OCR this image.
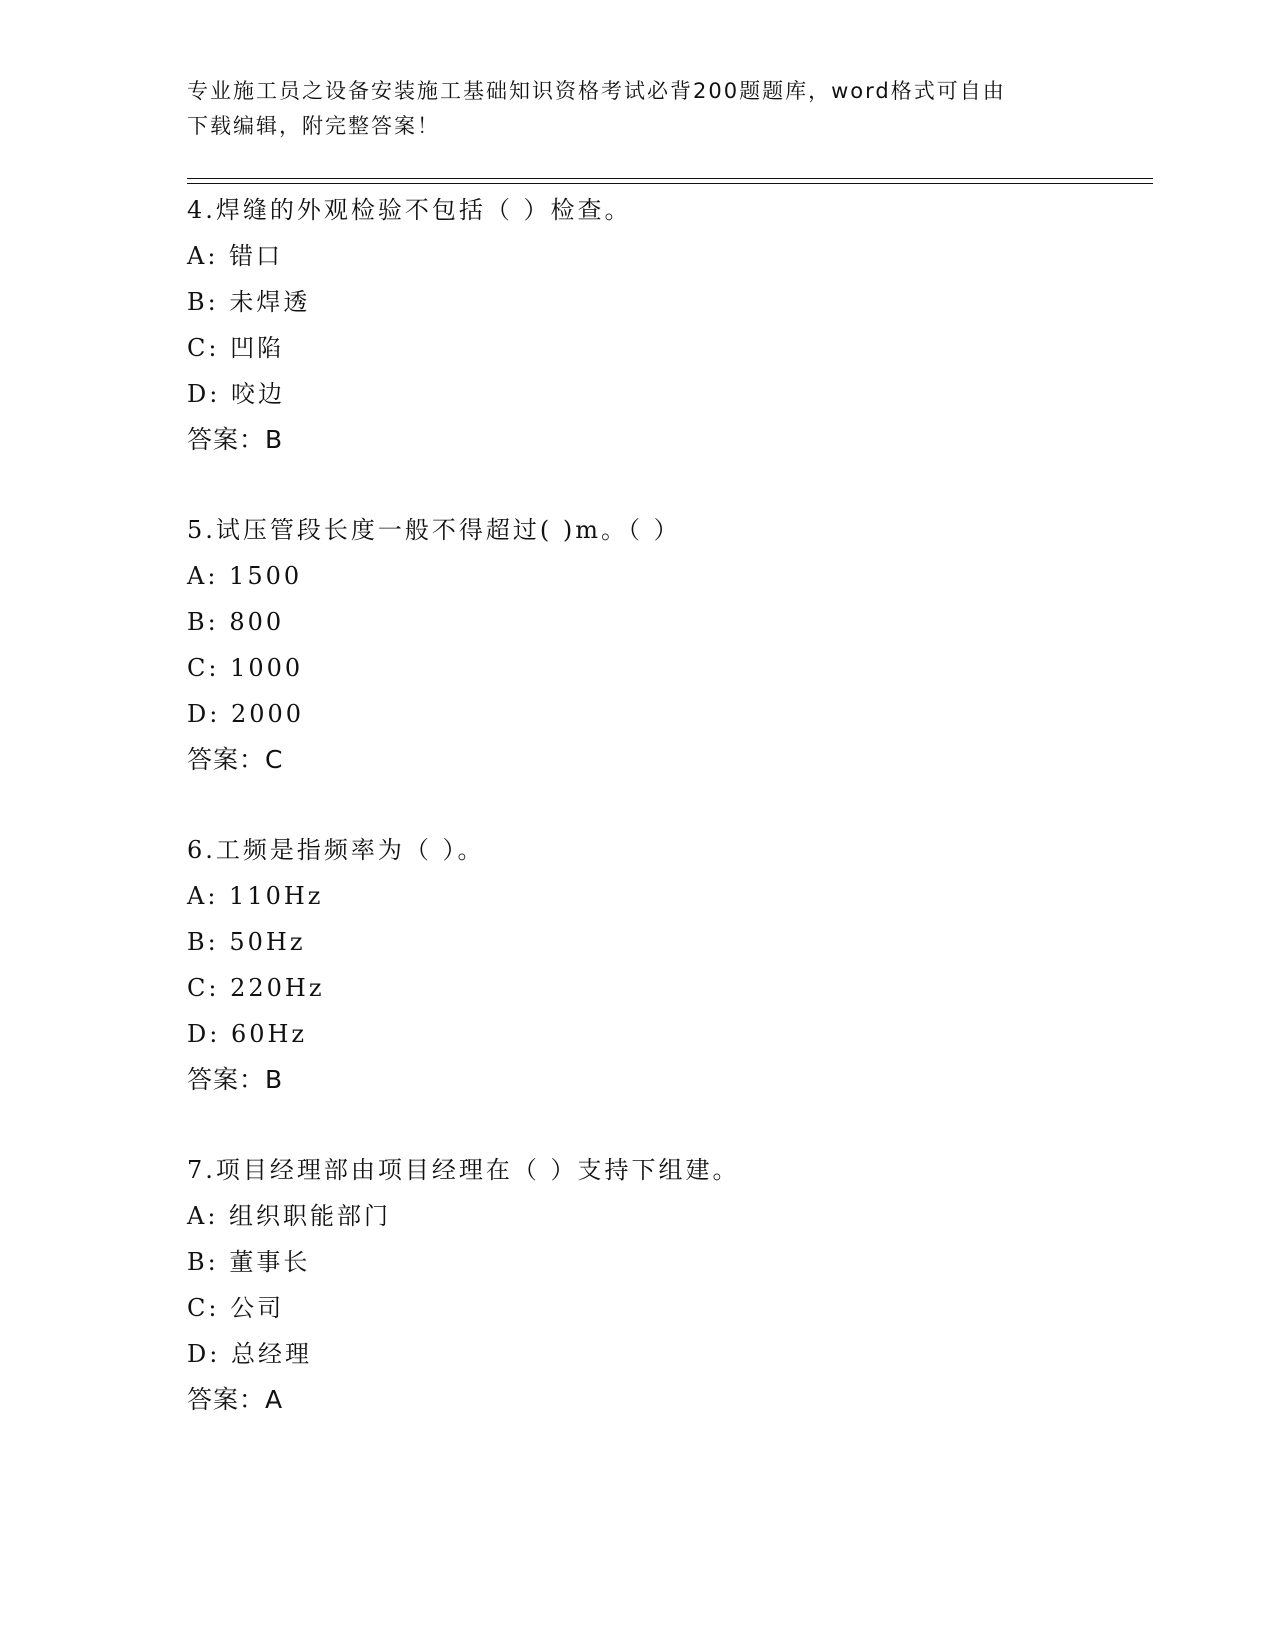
专业施工员之设备安装施工基础知识资格考试必背200题题库，word格式可自由
下载编辑，附完整答案！
4.焊缝的外观检验不包括（ ）检查。
A: 错口
B: 未焊透
C: 凹陷
D: 咬边
答案：B
5.试压管段长度一般不得超过( )m。（ ）
A: 1500
B: 800
C: 1000
D: 2000
答案：C
6.工频是指频率为（ ）。
A: 110Hz
B: 50Hz
C: 220Hz
D: 60Hz
答案：B
7.项目经理部由项目经理在（ ）支持下组建。
A: 组织职能部门
B: 董事长
C: 公司
D: 总经理
答案：A
